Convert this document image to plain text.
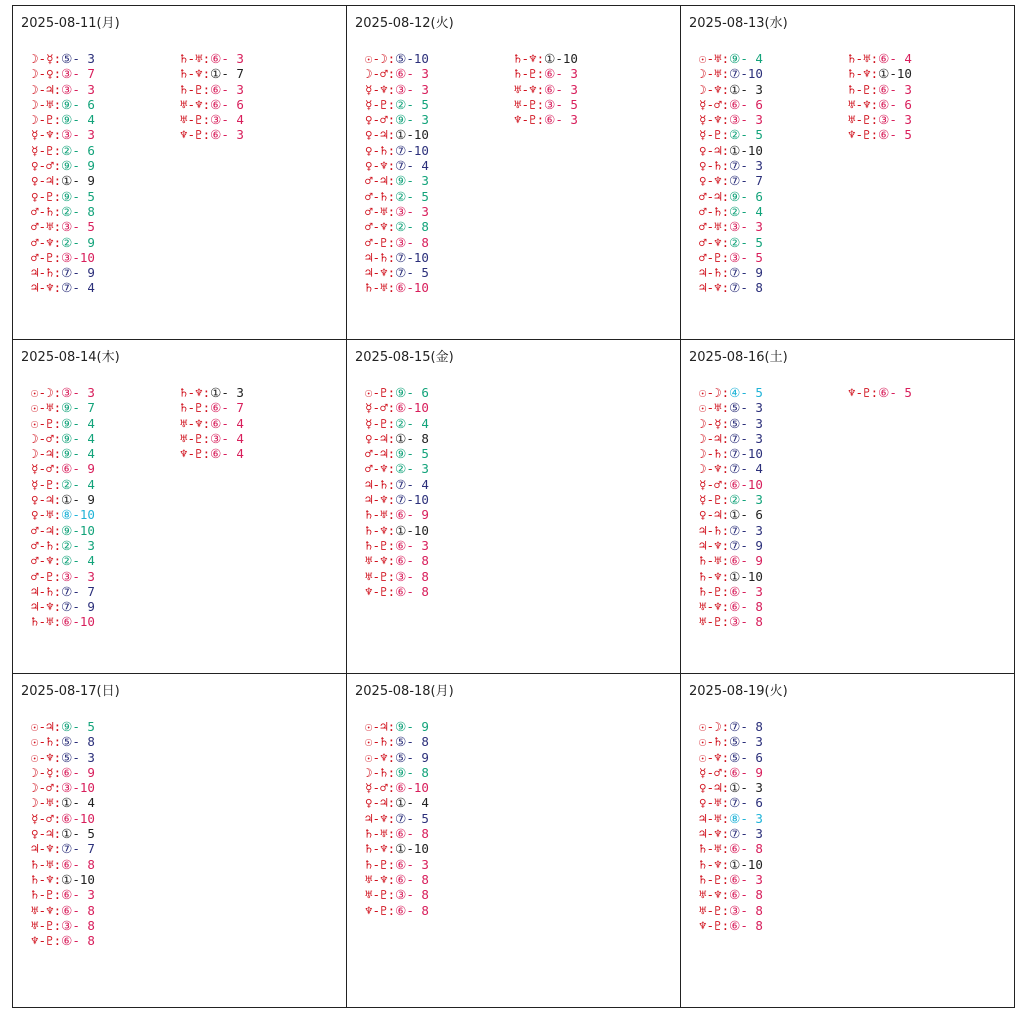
2025-08-11(月)
☽-☿:⑤- 3
☽-♀:③- 7
☽-♃:③- 3
☽-♅:⑨- 6
☽-♇:⑨- 4
☿-♆:③- 3
☿-♇:②- 6
♀-♂:⑨- 9
♀-♃:①- 9
♀-♇:⑨- 5
♂-♄:②- 8
♂-♅:③- 5
♂-♆:②- 9
♂-♇:③-10
♃-♄:⑦- 9
♃-♆:⑦- 4
♄-♅:⑥- 3
♄-♆:①- 7
♄-♇:⑥- 3
♅-♆:⑥- 6
♅-♇:③- 4
♆-♇:⑥- 3
2025-08-12(火)
☉-☽:⑤-10
☽-♂:⑥- 3
☿-♆:③- 3
☿-♇:②- 5
♀-♂:⑨- 3
♀-♃:①-10
♀-♄:⑦-10
♀-♆:⑦- 4
♂-♃:⑨- 3
♂-♄:②- 5
♂-♅:③- 3
♂-♆:②- 8
♂-♇:③- 8
♃-♄:⑦-10
♃-♆:⑦- 5
♄-♅:⑥-10
♄-♆:①-10
♄-♇:⑥- 3
♅-♆:⑥- 3
♅-♇:③- 5
♆-♇:⑥- 3
2025-08-13(水)
☉-♅:⑨- 4
☽-♅:⑦-10
☽-♆:①- 3
☿-♂:⑥- 6
☿-♆:③- 3
☿-♇:②- 5
♀-♃:①-10
♀-♄:⑦- 3
♀-♆:⑦- 7
♂-♃:⑨- 6
♂-♄:②- 4
♂-♅:③- 3
♂-♆:②- 5
♂-♇:③- 5
♃-♄:⑦- 9
♃-♆:⑦- 8
♄-♅:⑥- 4
♄-♆:①-10
♄-♇:⑥- 3
♅-♆:⑥- 6
♅-♇:③- 3
♆-♇:⑥- 5
2025-08-14(木)
☉-☽:③- 3
☉-♅:⑨- 7
☉-♇:⑨- 4
☽-♂:⑨- 4
☽-♃:⑨- 4
☿-♂:⑥- 9
☿-♇:②- 4
♀-♃:①- 9
♀-♅:⑧-10
♂-♃:⑨-10
♂-♄:②- 3
♂-♆:②- 4
♂-♇:③- 3
♃-♄:⑦- 7
♃-♆:⑦- 9
♄-♅:⑥-10
♄-♆:①- 3
♄-♇:⑥- 7
♅-♆:⑥- 4
♅-♇:③- 4
♆-♇:⑥- 4
2025-08-15(金)
☉-♇:⑨- 6
☿-♂:⑥-10
☿-♇:②- 4
♀-♃:①- 8
♂-♃:⑨- 5
♂-♆:②- 3
♃-♄:⑦- 4
♃-♆:⑦-10
♄-♅:⑥- 9
♄-♆:①-10
♄-♇:⑥- 3
♅-♆:⑥- 8
♅-♇:③- 8
♆-♇:⑥- 8
2025-08-16(土)
☉-☽:④- 5
☉-♅:⑤- 3
☽-☿:⑤- 3
☽-♃:⑦- 3
☽-♄:⑦-10
☽-♆:⑦- 4
☿-♂:⑥-10
☿-♇:②- 3
♀-♃:①- 6
♃-♄:⑦- 3
♃-♆:⑦- 9
♄-♅:⑥- 9
♄-♆:①-10
♄-♇:⑥- 3
♅-♆:⑥- 8
♅-♇:③- 8
♆-♇:⑥- 5
2025-08-17(日)
☉-♃:⑨- 5
☉-♄:⑤- 8
☉-♆:⑤- 3
☽-☿:⑥- 9
☽-♂:③-10
☽-♅:①- 4
☿-♂:⑥-10
♀-♃:①- 5
♃-♆:⑦- 7
♄-♅:⑥- 8
♄-♆:①-10
♄-♇:⑥- 3
♅-♆:⑥- 8
♅-♇:③- 8
♆-♇:⑥- 8
2025-08-18(月)
☉-♃:⑨- 9
☉-♄:⑤- 8
☉-♆:⑤- 9
☽-♄:⑨- 8
☿-♂:⑥-10
♀-♃:①- 4
♃-♆:⑦- 5
♄-♅:⑥- 8
♄-♆:①-10
♄-♇:⑥- 3
♅-♆:⑥- 8
♅-♇:③- 8
♆-♇:⑥- 8
2025-08-19(火)
☉-☽:⑦- 8
☉-♄:⑤- 3
☉-♆:⑤- 6
☿-♂:⑥- 9
♀-♃:①- 3
♀-♅:⑦- 6
♃-♅:⑧- 3
♃-♆:⑦- 3
♄-♅:⑥- 8
♄-♆:①-10
♄-♇:⑥- 3
♅-♆:⑥- 8
♅-♇:③- 8
♆-♇:⑥- 8
